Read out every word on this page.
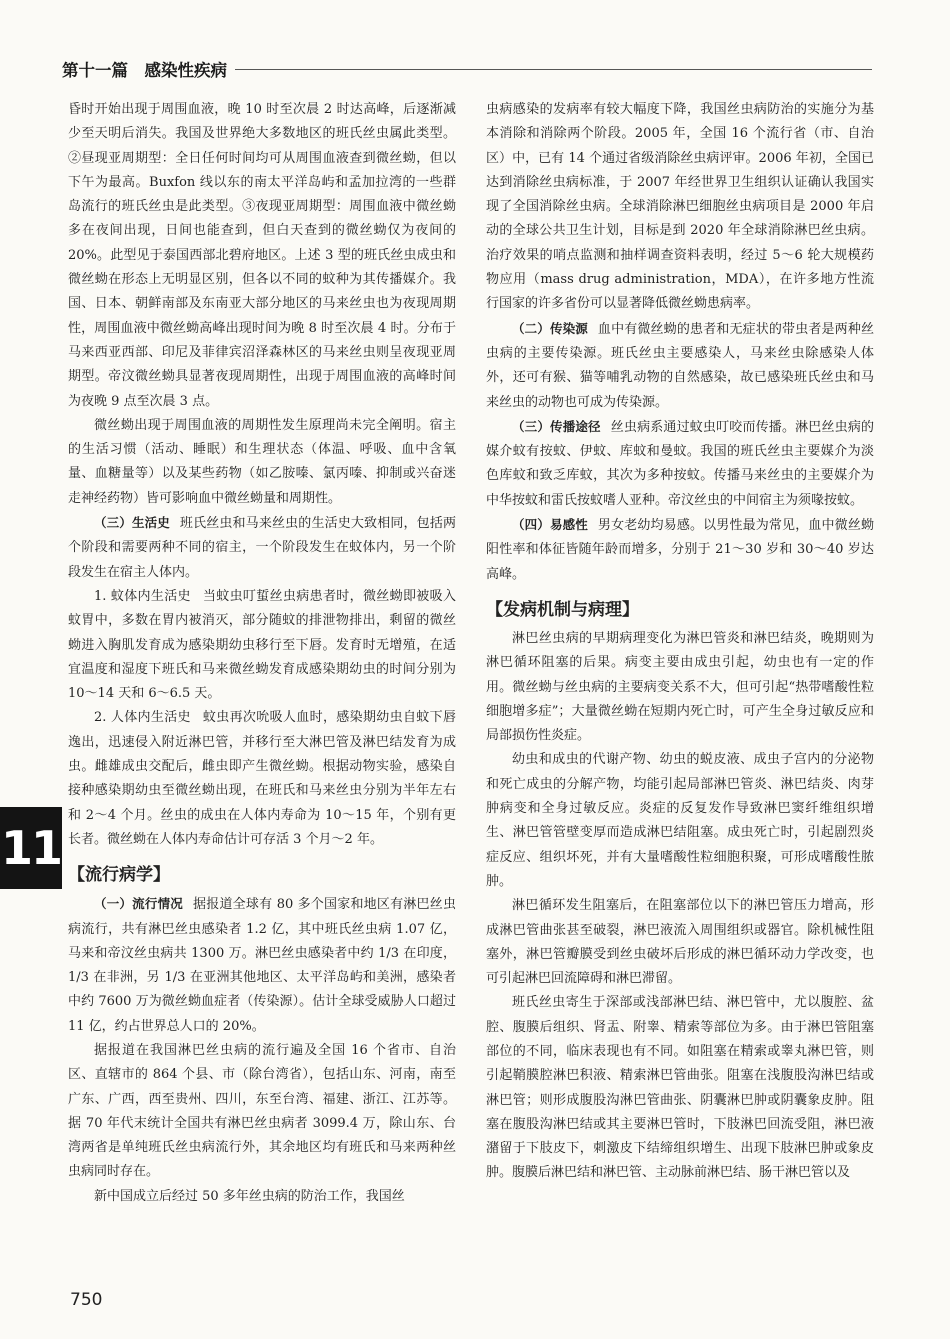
第十一篇　感染性疾病

昏时开始出现于周围血液，晚 10 时至次晨 2 时达高峰，后逐渐减少至天明后消失。我国及世界绝大多数地区的班氏丝虫属此类型。②昼现亚周期型：全日任何时间均可从周围血液查到微丝蚴，但以下午为最高。Buxfon 线以东的南太平洋岛屿和孟加拉湾的一些群岛流行的班氏丝虫是此类型。③夜现亚周期型：周围血液中微丝蚴多在夜间出现，日间也能查到，但白天查到的微丝蚴仅为夜间的 20%。此型见于泰国西部北碧府地区。上述 3 型的班氏丝虫成虫和微丝蚴在形态上无明显区别，但各以不同的蚊种为其传播媒介。我国、日本、朝鲜南部及东南亚大部分地区的马来丝虫也为夜现周期性，周围血液中微丝蚴高峰出现时间为晚 8 时至次晨 4 时。分布于马来西亚西部、印尼及菲律宾沼泽森林区的马来丝虫则呈夜现亚周期型。帝汶微丝蚴具显著夜现周期性，出现于周围血液的高峰时间为夜晚 9 点至次晨 3 点。

微丝蚴出现于周围血液的周期性发生原理尚未完全阐明。宿主的生活习惯（活动、睡眠）和生理状态（体温、呼吸、血中含氧量、血糖量等）以及某些药物（如乙胺嗪、氯丙嗪、抑制或兴奋迷走神经药物）皆可影响血中微丝蚴量和周期性。

（三）生活史 班氏丝虫和马来丝虫的生活史大致相同，包括两个阶段和需要两种不同的宿主，一个阶段发生在蚊体内，另一个阶段发生在宿主人体内。

1. 蚊体内生活史 当蚊虫叮蜇丝虫病患者时，微丝蚴即被吸入蚊胃中，多数在胃内被消灭，部分随蚊的排泄物排出，剩留的微丝蚴进入胸肌发育成为感染期幼虫移行至下唇。发育时无增殖，在适宜温度和湿度下班氏和马来微丝蚴发育成感染期幼虫的时间分别为 10～14 天和 6～6.5 天。

2. 人体内生活史 蚊虫再次吮吸人血时，感染期幼虫自蚊下唇逸出，迅速侵入附近淋巴管，并移行至大淋巴管及淋巴结发育为成虫。雌雄成虫交配后，雌虫即产生微丝蚴。根据动物实验，感染自接种感染期幼虫至微丝蚴出现，在班氏和马来丝虫分别为半年左右和 2～4 个月。丝虫的成虫在人体内寿命为 10～15 年，个别有更长者。微丝蚴在人体内寿命估计可存活 3 个月～2 年。

【流行病学】

（一）流行情况 据报道全球有 80 多个国家和地区有淋巴丝虫病流行，共有淋巴丝虫感染者 1.2 亿，其中班氏丝虫病 1.07 亿，马来和帝汶丝虫病共 1300 万。淋巴丝虫感染者中约 1/3 在印度，1/3 在非洲，另 1/3 在亚洲其他地区、太平洋岛屿和美洲，感染者中约 7600 万为微丝蚴血症者（传染源）。估计全球受威胁人口超过 11 亿，约占世界总人口的 20%。

据报道在我国淋巴丝虫病的流行遍及全国 16 个省市、自治区、直辖市的 864 个县、市（除台湾省），包括山东、河南，南至广东、广西，西至贵州、四川，东至台湾、福建、浙江、江苏等。据 70 年代末统计全国共有淋巴丝虫病者 3099.4 万，除山东、台湾两省是单纯班氏丝虫病流行外，其余地区均有班氏和马来两种丝虫病同时存在。

新中国成立后经过 50 多年丝虫病的防治工作，我国丝

虫病感染的发病率有较大幅度下降，我国丝虫病防治的实施分为基本消除和消除两个阶段。2005 年，全国 16 个流行省（市、自治区）中，已有 14 个通过省级消除丝虫病评审。2006 年初，全国已达到消除丝虫病标准，于 2007 年经世界卫生组织认证确认我国实现了全国消除丝虫病。全球消除淋巴细胞丝虫病项目是 2000 年启动的全球公共卫生计划，目标是到 2020 年全球消除淋巴丝虫病。治疗效果的哨点监测和抽样调查资料表明，经过 5～6 轮大规模药物应用（mass drug administration，MDA），在许多地方性流行国家的许多省份可以显著降低微丝蚴患病率。

（二）传染源 血中有微丝蚴的患者和无症状的带虫者是两种丝虫病的主要传染源。班氏丝虫主要感染人，马来丝虫除感染人体外，还可有猴、猫等哺乳动物的自然感染，故已感染班氏丝虫和马来丝虫的动物也可成为传染源。

（三）传播途径 丝虫病系通过蚊虫叮咬而传播。淋巴丝虫病的媒介蚊有按蚊、伊蚊、库蚊和曼蚊。我国的班氏丝虫主要媒介为淡色库蚊和致乏库蚊，其次为多种按蚊。传播马来丝虫的主要媒介为中华按蚊和雷氏按蚊嗜人亚种。帝汶丝虫的中间宿主为须喙按蚊。

（四）易感性 男女老幼均易感。以男性最为常见，血中微丝蚴阳性率和体征皆随年龄而增多，分别于 21～30 岁和 30～40 岁达高峰。

【发病机制与病理】

淋巴丝虫病的早期病理变化为淋巴管炎和淋巴结炎，晚期则为淋巴循环阻塞的后果。病变主要由成虫引起，幼虫也有一定的作用。微丝蚴与丝虫病的主要病变关系不大，但可引起“热带嗜酸性粒细胞增多症”；大量微丝蚴在短期内死亡时，可产生全身过敏反应和局部损伤性炎症。

幼虫和成虫的代谢产物、幼虫的蜕皮液、成虫子宫内的分泌物和死亡成虫的分解产物，均能引起局部淋巴管炎、淋巴结炎、肉芽肿病变和全身过敏反应。炎症的反复发作导致淋巴窦纤维组织增生、淋巴管管壁变厚而造成淋巴结阻塞。成虫死亡时，引起剧烈炎症反应、组织坏死，并有大量嗜酸性粒细胞积聚，可形成嗜酸性脓肿。

淋巴循环发生阻塞后，在阻塞部位以下的淋巴管压力增高，形成淋巴管曲张甚至破裂，淋巴液流入周围组织或器官。除机械性阻塞外，淋巴管瓣膜受到丝虫破坏后形成的淋巴循环动力学改变，也可引起淋巴回流障碍和淋巴滞留。

班氏丝虫寄生于深部或浅部淋巴结、淋巴管中，尤以腹腔、盆腔、腹膜后组织、肾盂、附睾、精索等部位为多。由于淋巴管阻塞部位的不同，临床表现也有不同。如阻塞在精索或睾丸淋巴管，则引起鞘膜腔淋巴积液、精索淋巴管曲张。阻塞在浅腹股沟淋巴结或淋巴管；则形成腹股沟淋巴管曲张、阴囊淋巴肿或阴囊象皮肿。阻塞在腹股沟淋巴结或其主要淋巴管时，下肢淋巴回流受阻，淋巴液潴留于下肢皮下，刺激皮下结缔组织增生、出现下肢淋巴肿或象皮肿。腹膜后淋巴结和淋巴管、主动脉前淋巴结、肠干淋巴管以及

11
750
